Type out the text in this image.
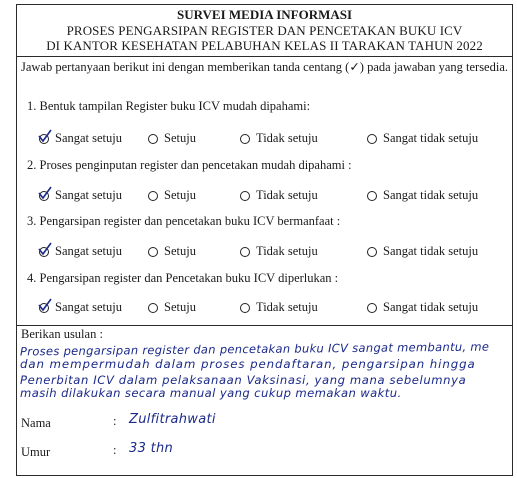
SURVEI MEDIA INFORMASI
PROSES PENGARSIPAN REGISTER DAN PENCETAKAN BUKU ICV
DI KANTOR KESEHATAN PELABUHAN KELAS II TARAKAN TAHUN 2022
Jawab pertanyaan berikut ini dengan memberikan tanda centang (✓) pada jawaban yang tersedia.
1. Bentuk tampilan Register buku ICV mudah dipahami:
Sangat setuju	Setuju	Tidak setuju	Sangat tidak setuju
2. Proses penginputan register dan pencetakan mudah dipahami :
Sangat setuju	Setuju	Tidak setuju	Sangat tidak setuju
3. Pengarsipan register dan pencetakan buku ICV bermanfaat :
Sangat setuju	Setuju	Tidak setuju	Sangat tidak setuju
4. Pengarsipan register dan Pencetakan buku ICV diperlukan :
Sangat setuju	Setuju	Tidak setuju	Sangat tidak setuju
Berikan usulan :
Proses pengarsipan register dan pencetakan buku ICV sangat membantu, me
dan mempermudah dalam proses pendaftaran, pengarsipan hingga
Penerbitan ICV dalam pelaksanaan Vaksinasi, yang mana sebelumnya
masih dilakukan secara manual yang cukup memakan waktu.
Nama	: Zulfitrahwati
Umur	: 33 thn
